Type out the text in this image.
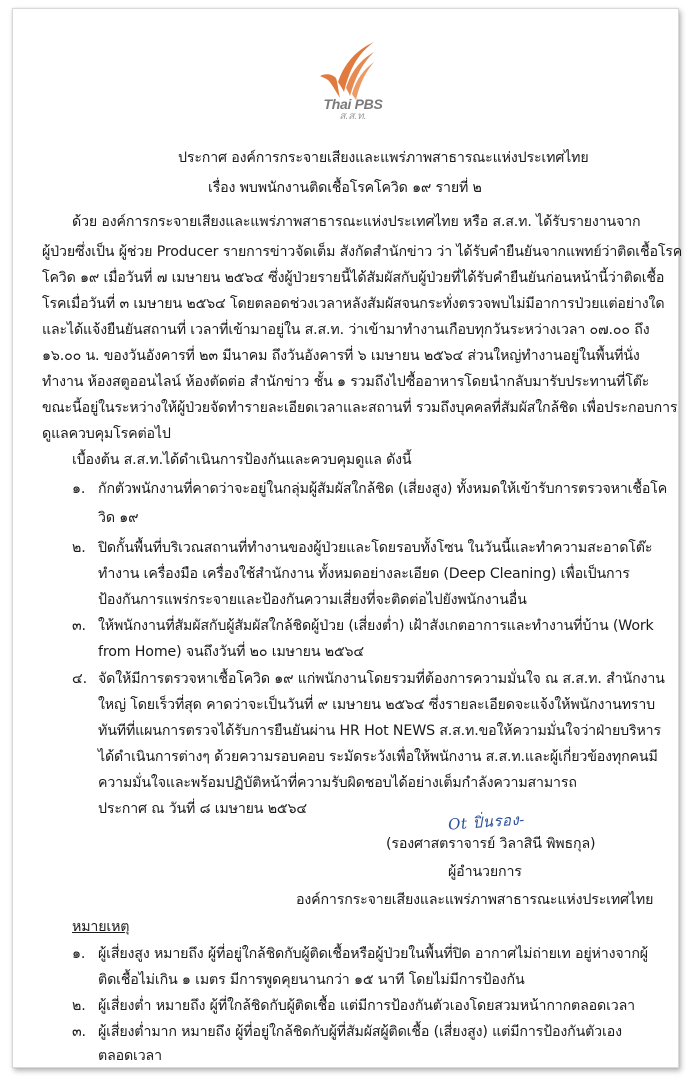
Thai PBS
ส.ส.ท.
ประกาศ องค์การกระจายเสียงและแพร่ภาพสาธารณะแห่งประเทศไทย
เรื่อง พบพนักงานติดเชื้อโรคโควิด ๑๙ รายที่ ๒
ด้วย องค์การกระจายเสียงและแพร่ภาพสาธารณะแห่งประเทศไทย หรือ ส.ส.ท. ได้รับรายงานจาก
ผู้ป่วยซึ่งเป็น ผู้ช่วย Producer รายการข่าวจัดเต็ม สังกัดสำนักข่าว ว่า ได้รับคำยืนยันจากแพทย์ว่าติดเชื้อโรค
โควิด ๑๙ เมื่อวันที่ ๗ เมษายน ๒๕๖๔ ซึ่งผู้ป่วยรายนี้ได้สัมผัสกับผู้ป่วยที่ได้รับคำยืนยันก่อนหน้านี้ว่าติดเชื้อ
โรคเมื่อวันที่ ๓ เมษายน ๒๕๖๔ โดยตลอดช่วงเวลาหลังสัมผัสจนกระทั่งตรวจพบไม่มีอาการป่วยแต่อย่างใด
และได้แจ้งยืนยันสถานที่ เวลาที่เข้ามาอยู่ใน ส.ส.ท. ว่าเข้ามาทำงานเกือบทุกวันระหว่างเวลา ๐๗.๐๐ ถึง
๑๖.๐๐ น. ของวันอังคารที่ ๒๓ มีนาคม ถึงวันอังคารที่ ๖ เมษายน ๒๕๖๔ ส่วนใหญ่ทำงานอยู่ในพื้นที่นั่ง
ทำงาน ห้องสตูออนไลน์ ห้องตัดต่อ สำนักข่าว ชั้น ๑ รวมถึงไปซื้ออาหารโดยนำกลับมารับประทานที่โต๊ะ
ขณะนี้อยู่ในระหว่างให้ผู้ป่วยจัดทำรายละเอียดเวลาและสถานที่ รวมถึงบุคคลที่สัมผัสใกล้ชิด เพื่อประกอบการ
ดูแลควบคุมโรคต่อไป
เบื้องต้น ส.ส.ท.ได้ดำเนินการป้องกันและควบคุมดูแล ดังนี้
๑. กักตัวพนักงานที่คาดว่าจะอยู่ในกลุ่มผู้สัมผัสใกล้ชิด (เสี่ยงสูง) ทั้งหมดให้เข้ารับการตรวจหาเชื้อโค
วิด ๑๙
๒. ปิดกั้นพื้นที่บริเวณสถานที่ทำงานของผู้ป่วยและโดยรอบทั้งโซน ในวันนี้และทำความสะอาดโต๊ะ
ทำงาน เครื่องมือ เครื่องใช้สำนักงาน ทั้งหมดอย่างละเอียด (Deep Cleaning) เพื่อเป็นการ
ป้องกันการแพร่กระจายและป้องกันความเสี่ยงที่จะติดต่อไปยังพนักงานอื่น
๓. ให้พนักงานที่สัมผัสกับผู้สัมผัสใกล้ชิดผู้ป่วย (เสี่ยงต่ำ) เฝ้าสังเกตอาการและทำงานที่บ้าน (Work
from Home) จนถึงวันที่ ๒๐ เมษายน ๒๕๖๔
๔. จัดให้มีการตรวจหาเชื้อโควิด ๑๙ แก่พนักงานโดยรวมที่ต้องการความมั่นใจ ณ ส.ส.ท. สำนักงาน
ใหญ่ โดยเร็วที่สุด คาดว่าจะเป็นวันที่ ๙ เมษายน ๒๕๖๔ ซึ่งรายละเอียดจะแจ้งให้พนักงานทราบ
ทันทีที่แผนการตรวจได้รับการยืนยันผ่าน HR Hot NEWS ส.ส.ท.ขอให้ความมั่นใจว่าฝ่ายบริหาร
ได้ดำเนินการต่างๆ ด้วยความรอบคอบ ระมัดระวังเพื่อให้พนักงาน ส.ส.ท.และผู้เกี่ยวข้องทุกคนมี
ความมั่นใจและพร้อมปฏิบัติหน้าที่ความรับผิดชอบได้อย่างเต็มกำลังความสามารถ
ประกาศ ณ วันที่ ๘ เมษายน ๒๕๖๔
Ot ปิ่นรอง-
(รองศาสตราจารย์ วิลาสินี พิพธกุล)
ผู้อำนวยการ
องค์การกระจายเสียงและแพร่ภาพสาธารณะแห่งประเทศไทย
หมายเหตุ
๑. ผู้เสี่ยงสูง หมายถึง ผู้ที่อยู่ใกล้ชิดกับผู้ติดเชื้อหรือผู้ป่วยในพื้นที่ปิด อากาศไม่ถ่ายเท อยู่ห่างจากผู้
ติดเชื้อไม่เกิน ๑ เมตร มีการพูดคุยนานกว่า ๑๕ นาที โดยไม่มีการป้องกัน
๒. ผู้เสี่ยงต่ำ หมายถึง ผู้ที่ใกล้ชิดกับผู้ติดเชื้อ แต่มีการป้องกันตัวเองโดยสวมหน้ากากตลอดเวลา
๓. ผู้เสี่ยงต่ำมาก หมายถึง ผู้ที่อยู่ใกล้ชิดกับผู้ที่สัมผัสผู้ติดเชื้อ (เสี่ยงสูง) แต่มีการป้องกันตัวเอง
ตลอดเวลา
